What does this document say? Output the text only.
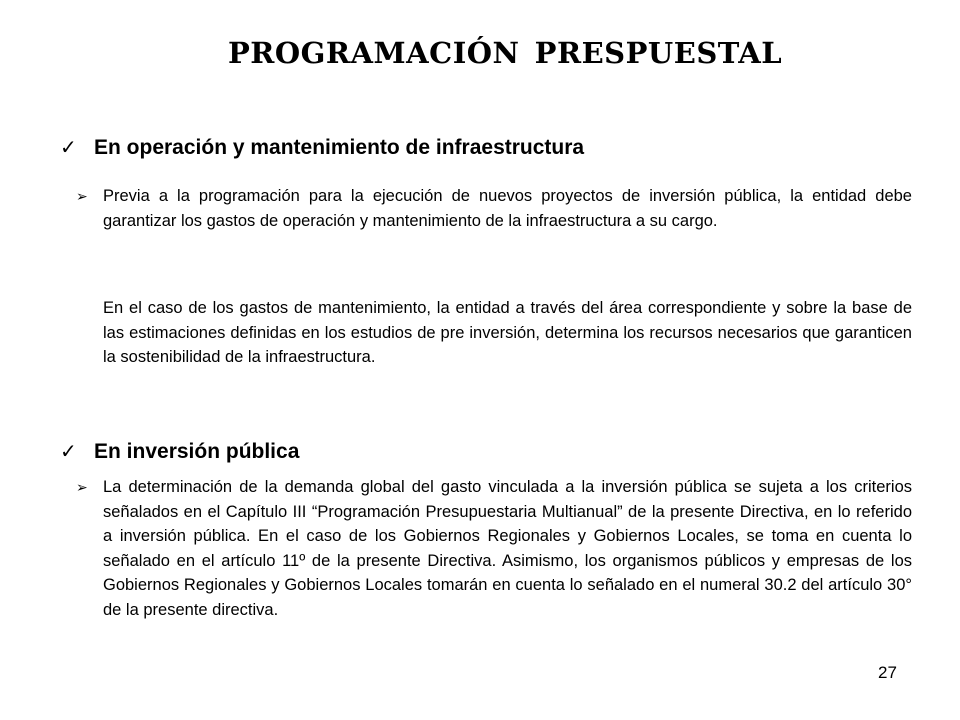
programación prespuestal
✓ En operación y mantenimiento de infraestructura
➢ Previa a la programación para la ejecución de nuevos proyectos de inversión pública, la entidad debe garantizar los gastos de operación y mantenimiento de la infraestructura a su cargo.
En el caso de los gastos de mantenimiento, la entidad a través del área correspondiente y sobre la base de las estimaciones definidas en los estudios de pre inversión, determina los recursos necesarios que garanticen la sostenibilidad de la infraestructura.
✓ En inversión pública
➢ La determinación de la demanda global del gasto vinculada a la inversión pública se sujeta a los criterios señalados en el Capítulo III “Programación Presupuestaria Multianual” de la presente Directiva, en lo referido a inversión pública. En el caso de los Gobiernos Regionales y Gobiernos Locales, se toma en cuenta lo señalado en el artículo 11º de la presente Directiva. Asimismo, los organismos públicos y empresas de los Gobiernos Regionales y Gobiernos Locales tomarán en cuenta lo señalado en el numeral 30.2 del artículo 30° de la presente directiva.
27
